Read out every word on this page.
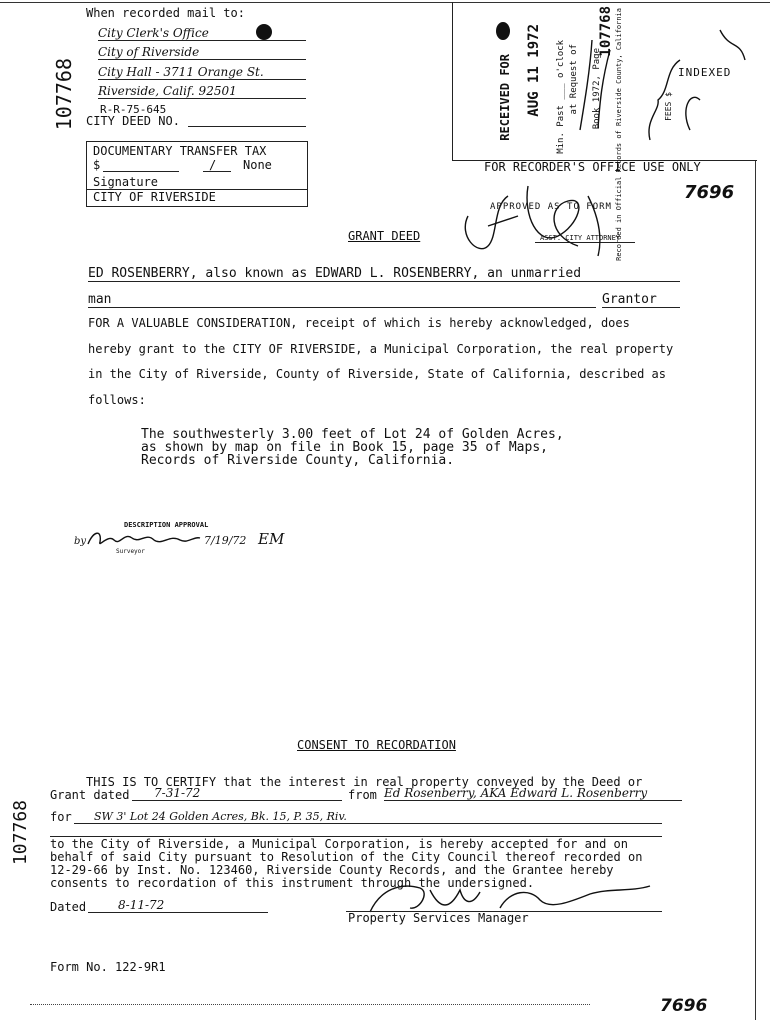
When recorded mail to:
City Clerk's Office
City of Riverside
City Hall - 3711 Orange St.
Riverside, Calif. 92501
R-R-75-645
CITY DEED NO.
107768
DOCUMENTARY TRANSFER TAX
$	/ None
Signature
CITY OF RIVERSIDE
RECEIVED FOR AUG 11 1972 Min. Past ___ o'clock at Request of Book 1972, Page
107768 Recorded in Official Records of Riverside County, California	INDEXED
FEES $
FOR RECORDER'S OFFICE USE ONLY
7696
APPROVED AS TO FORM
ASST. CITY ATTORNEY
GRANT DEED
ED ROSENBERRY, also known as EDWARD L. ROSENBERRY, an unmarried
man	Grantor
FOR A VALUABLE CONSIDERATION, receipt of which is hereby acknowledged, does
hereby grant to the CITY OF RIVERSIDE, a Municipal Corporation, the real property
in the City of Riverside, County of Riverside, State of California, described as
follows:
The southwesterly 3.00 feet of Lot 24 of Golden Acres,
as shown by map on file in Book 15, page 35 of Maps,
Records of Riverside County, California.
DESCRIPTION APPROVAL
by	7/19/72 EM
Surveyor
CONSENT TO RECORDATION
THIS IS TO CERTIFY that the interest in real property conveyed by the Deed or
Grant dated	7-31-72	from Ed Rosenberry, AKA Edward L. Rosenberry
for	SW 3' Lot 24 Golden Acres, Bk. 15, P. 35, Riv.
to the City of Riverside, a Municipal Corporation, is hereby accepted for and on
behalf of said City pursuant to Resolution of the City Council thereof recorded on
12-29-66 by Inst. No. 123460, Riverside County Records, and the Grantee hereby
consents to recordation of this instrument through the undersigned.
107768
Dated	8-11-72
Property Services Manager
Form No. 122-9R1
7696
